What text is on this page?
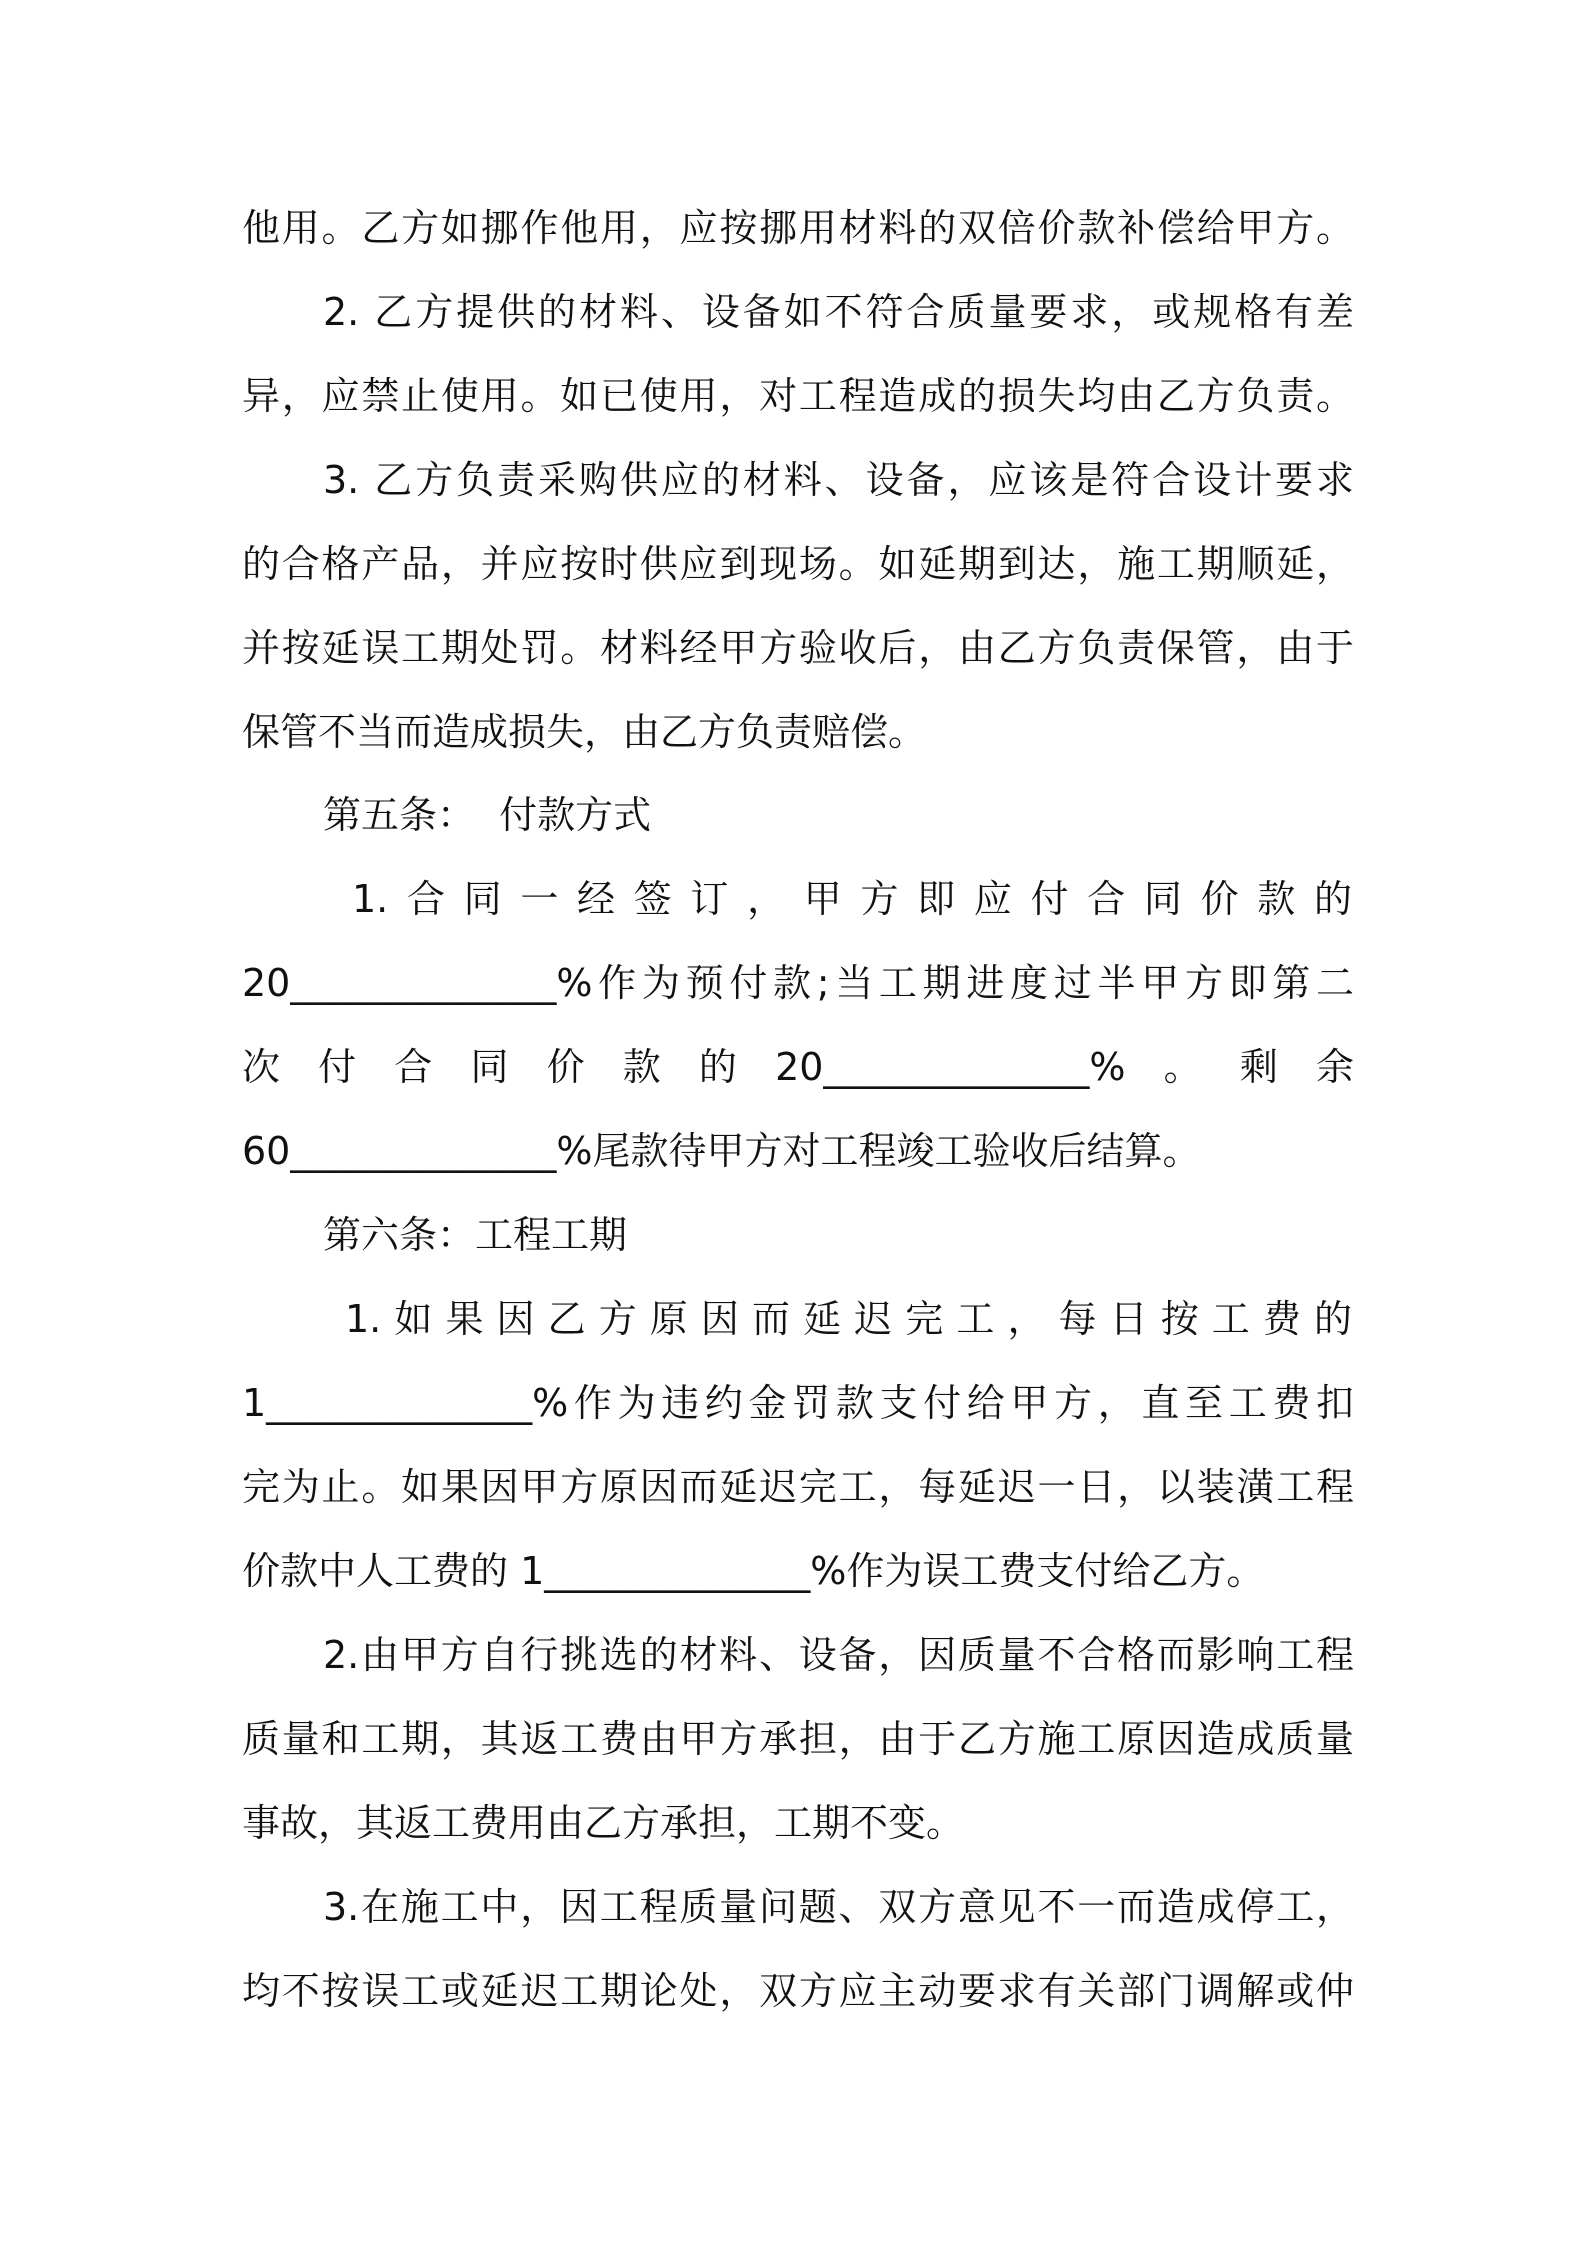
他用。乙方如挪作他用，应按挪用材料的双倍价款补偿给甲方。
2. 乙方提供的材料、设备如不符合质量要求，或规格有差
异，应禁止使用。如已使用，对工程造成的损失均由乙方负责。
3. 乙方负责采购供应的材料、设备，应该是符合设计要求
的合格产品，并应按时供应到现场。如延期到达，施工期顺延，
并按延误工期处罚。材料经甲方验收后，由乙方负责保管，由于
保管不当而造成损失，由乙方负责赔偿。
第五条：  付款方式
1.合同一经签订，甲方即应付合同价款的
20______________%作为预付款;当工期进度过半甲方即第二
次付合同价款的20______________%。剩余
60______________%尾款待甲方对工程竣工验收后结算。
第六条：工程工期
1.如果因乙方原因而延迟完工，每日按工费的
1______________%作为违约金罚款支付给甲方，直至工费扣
完为止。如果因甲方原因而延迟完工，每延迟一日，以装潢工程
价款中人工费的 1______________%作为误工费支付给乙方。
2.由甲方自行挑选的材料、设备，因质量不合格而影响工程
质量和工期，其返工费由甲方承担，由于乙方施工原因造成质量
事故，其返工费用由乙方承担，工期不变。
3.在施工中，因工程质量问题、双方意见不一而造成停工，
均不按误工或延迟工期论处，双方应主动要求有关部门调解或仲
